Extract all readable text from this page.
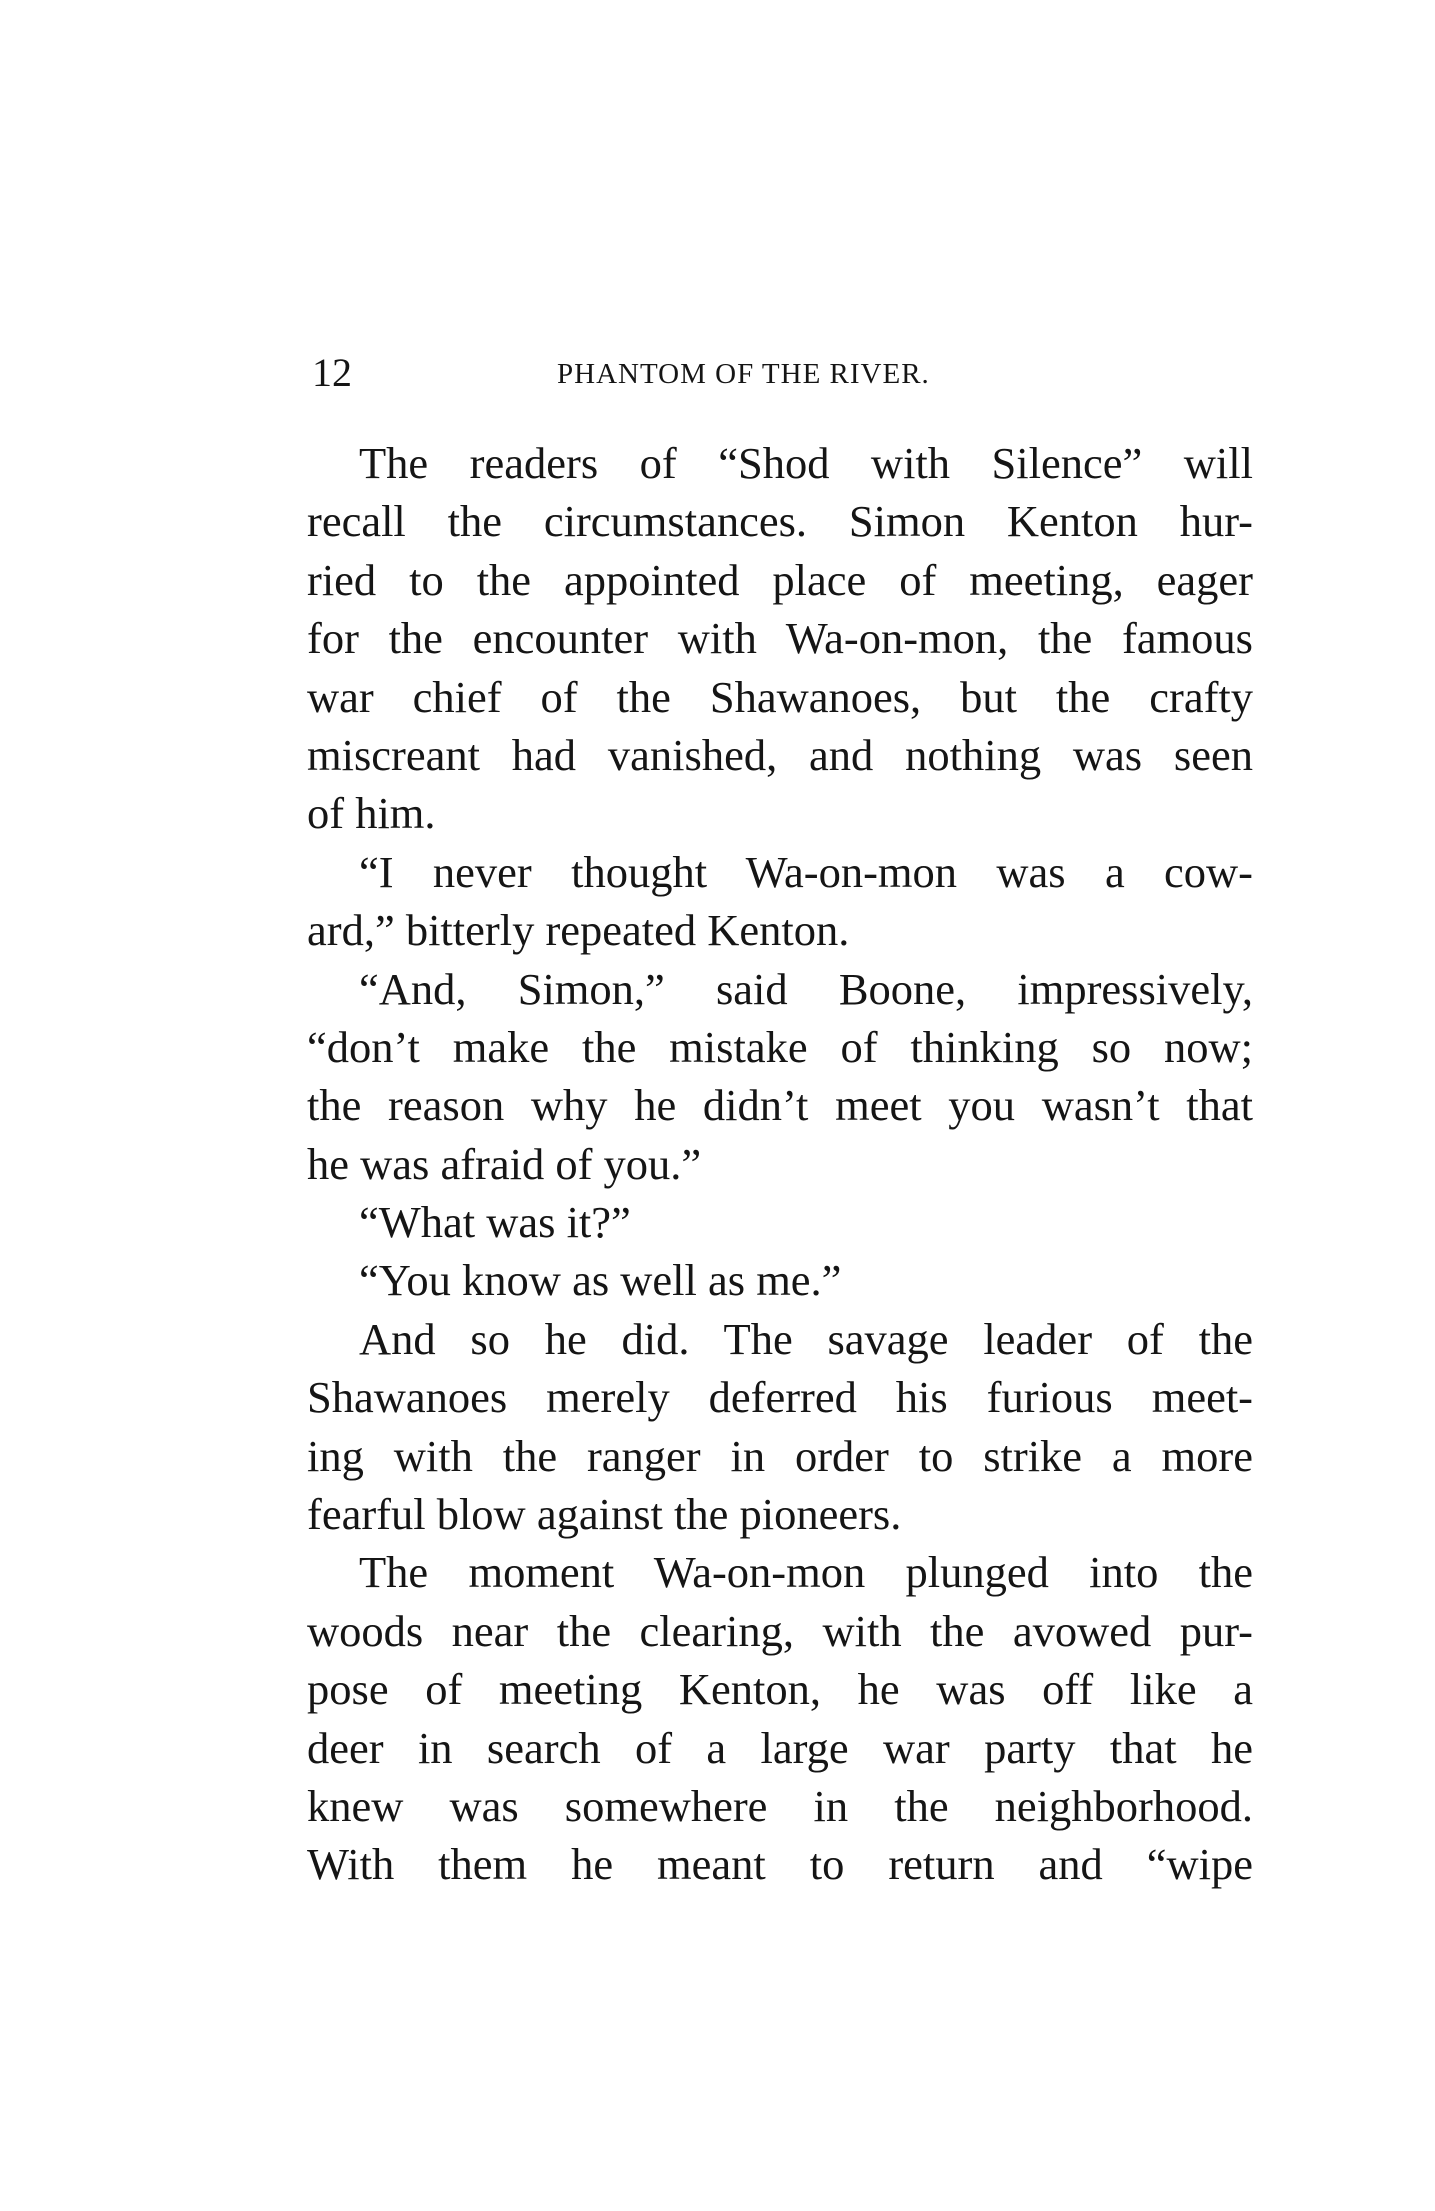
12	PHANTOM OF THE RIVER.
The readers of “Shod with Silence” will
recall the circumstances. Simon Kenton hur-
ried to the appointed place of meeting, eager
for the encounter with Wa-on-mon, the famous
war chief of the Shawanoes, but the crafty
miscreant had vanished, and nothing was seen
of him.
“I never thought Wa-on-mon was a cow-
ard,” bitterly repeated Kenton.
“And, Simon,” said Boone, impressively,
“don’t make the mistake of thinking so now;
the reason why he didn’t meet you wasn’t that
he was afraid of you.”
“What was it?”
“You know as well as me.”
And so he did. The savage leader of the
Shawanoes merely deferred his furious meet-
ing with the ranger in order to strike a more
fearful blow against the pioneers.
The moment Wa-on-mon plunged into the
woods near the clearing, with the avowed pur-
pose of meeting Kenton, he was off like a
deer in search of a large war party that he
knew was somewhere in the neighborhood.
With them he meant to return and “wipe
